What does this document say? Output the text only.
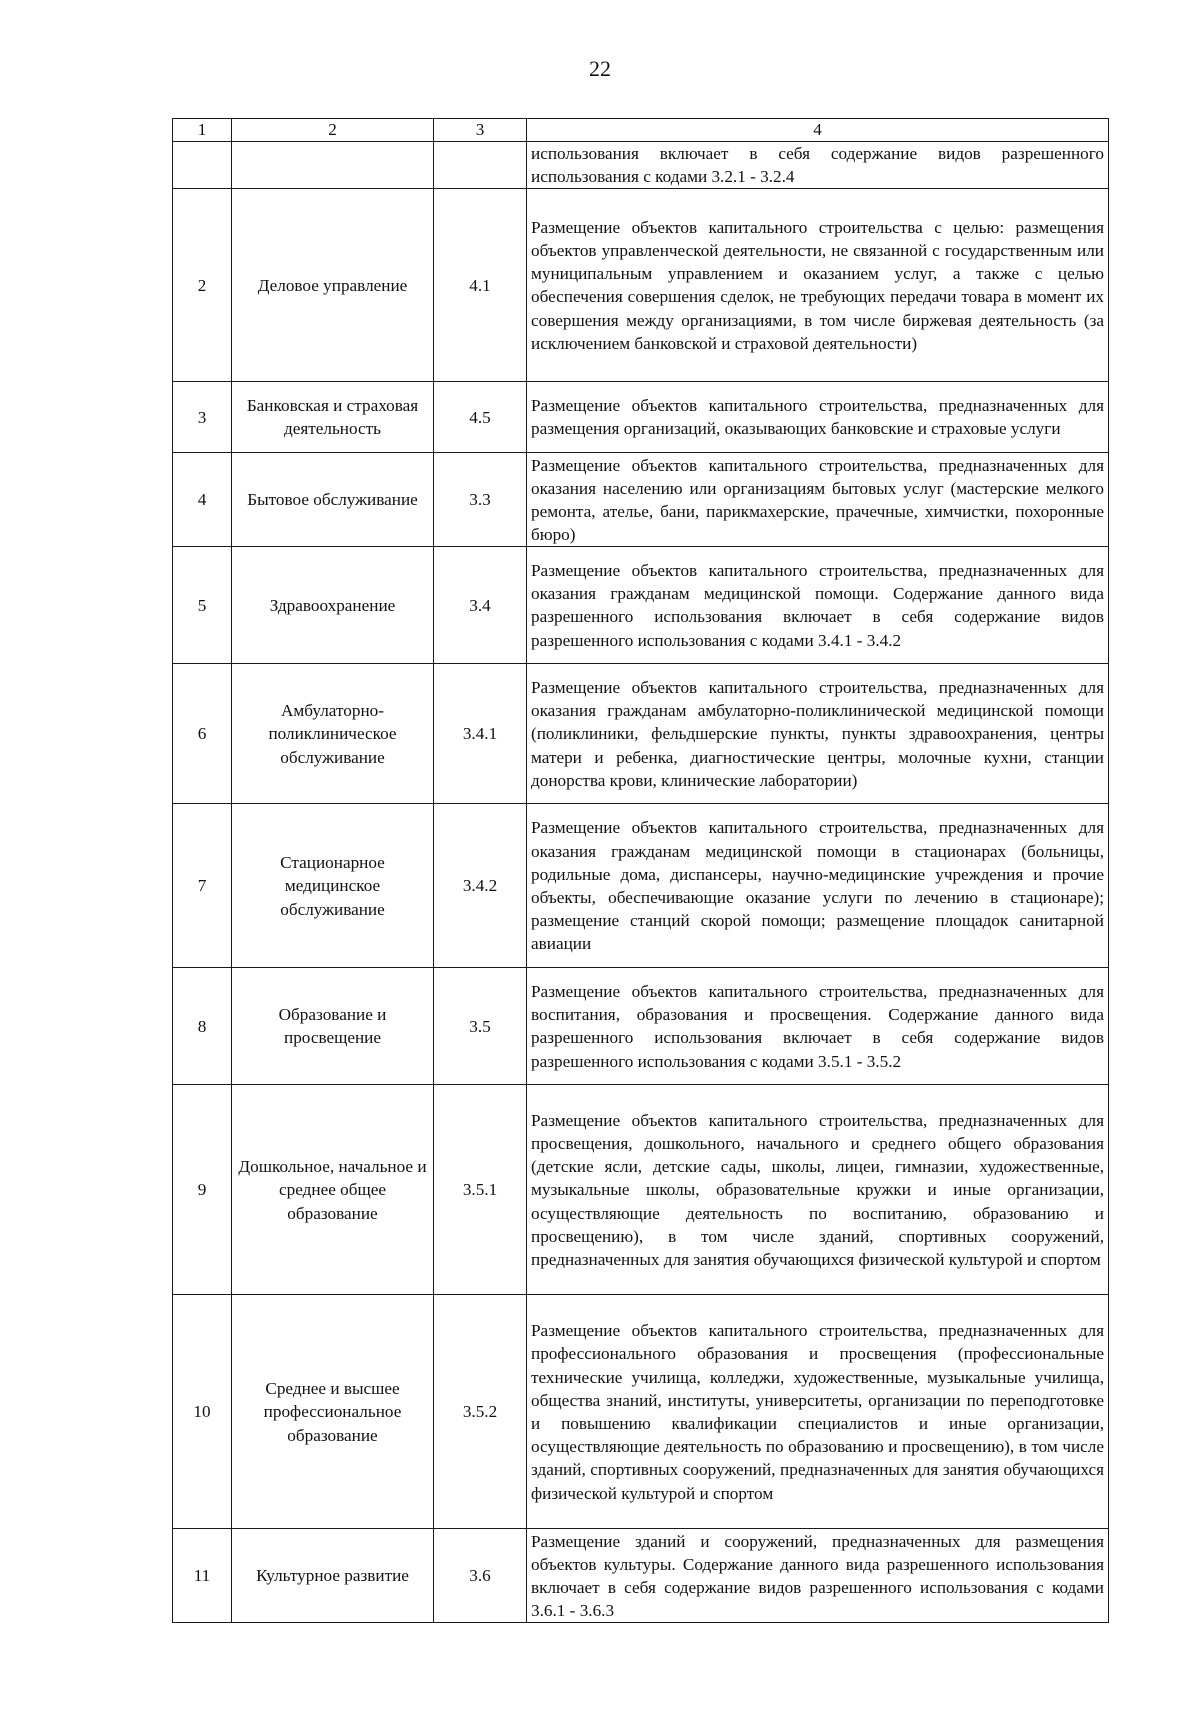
22
1	2	3	4
			использования включает в себя содержание видов разрешенного использования с кодами 3.2.1 - 3.2.4
2	Деловое управление	4.1	Размещение объектов капитального строительства с целью: размещения объектов управленческой деятельности, не связанной с государственным или муниципальным управлением и оказанием услуг, а также с целью обеспечения совершения сделок, не требующих передачи товара в момент их совершения между организациями, в том числе биржевая деятельность (за исключением банковской и страховой деятельности)
3	Банковская и страховая деятельность	4.5	Размещение объектов капитального строительства, предназначенных для размещения организаций, оказывающих банковские и страховые услуги
4	Бытовое обслуживание	3.3	Размещение объектов капитального строительства, предназначенных для оказания населению или организациям бытовых услуг (мастерские мелкого ремонта, ателье, бани, парикмахерские, прачечные, химчистки, похоронные бюро)
5	Здравоохранение	3.4	Размещение объектов капитального строительства, предназначенных для оказания гражданам медицинской помощи. Содержание данного вида разрешенного использования включает в себя содержание видов разрешенного использования с кодами 3.4.1 - 3.4.2
6	Амбулаторно-поликлиническое обслуживание	3.4.1	Размещение объектов капитального строительства, предназначенных для оказания гражданам амбулаторно-поликлинической медицинской помощи (поликлиники, фельдшерские пункты, пункты здравоохранения, центры матери и ребенка, диагностические центры, молочные кухни, станции донорства крови, клинические лаборатории)
7	Стационарное медицинское обслуживание	3.4.2	Размещение объектов капитального строительства, предназначенных для оказания гражданам медицинской помощи в стационарах (больницы, родильные дома, диспансеры, научно-медицинские учреждения и прочие объекты, обеспечивающие оказание услуги по лечению в стационаре); размещение станций скорой помощи; размещение площадок санитарной авиации
8	Образование и просвещение	3.5	Размещение объектов капитального строительства, предназначенных для воспитания, образования и просвещения. Содержание данного вида разрешенного использования включает в себя содержание видов разрешенного использования с кодами 3.5.1 - 3.5.2
9	Дошкольное, начальное и среднее общее образование	3.5.1	Размещение объектов капитального строительства, предназначенных для просвещения, дошкольного, начального и среднего общего образования (детские ясли, детские сады, школы, лицеи, гимназии, художественные, музыкальные школы, образовательные кружки и иные организации, осуществляющие деятельность по воспитанию, образованию и просвещению), в том числе зданий, спортивных сооружений, предназначенных для занятия обучающихся физической культурой и спортом
10	Среднее и высшее профессиональное образование	3.5.2	Размещение объектов капитального строительства, предназначенных для профессионального образования и просвещения (профессиональные технические училища, колледжи, художественные, музыкальные училища, общества знаний, институты, университеты, организации по переподготовке и повышению квалификации специалистов и иные организации, осуществляющие деятельность по образованию и просвещению), в том числе зданий, спортивных сооружений, предназначенных для занятия обучающихся физической культурой и спортом
11	Культурное развитие	3.6	Размещение зданий и сооружений, предназначенных для размещения объектов культуры. Содержание данного вида разрешенного использования включает в себя содержание видов разрешенного использования с кодами 3.6.1 - 3.6.3
